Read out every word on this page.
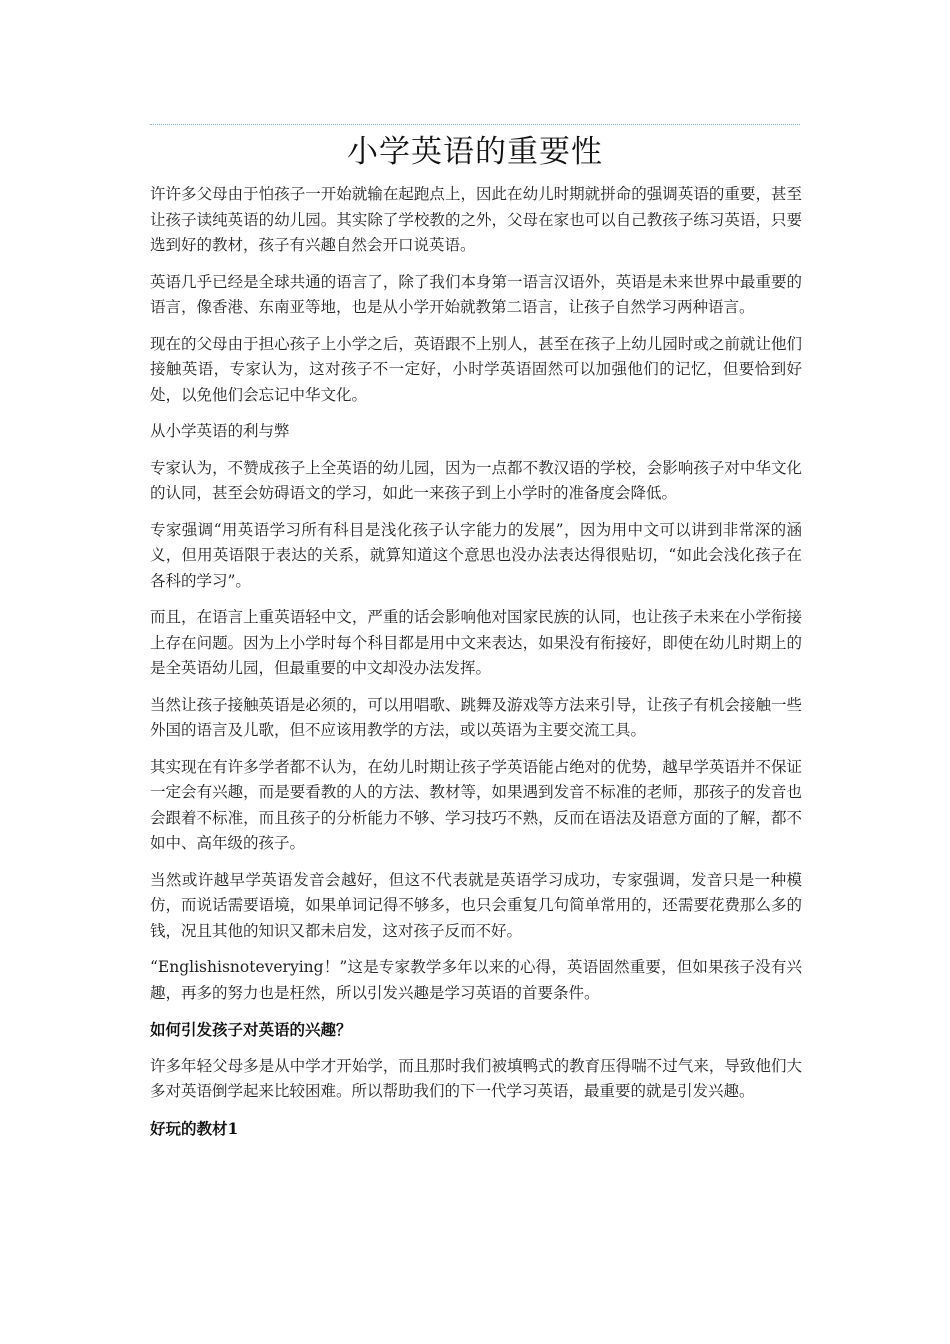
小学英语的重要性

许许多父母由于怕孩子一开始就输在起跑点上，因此在幼儿时期就拼命的强调英语的重要，甚至让孩子读纯英语的幼儿园。其实除了学校教的之外，父母在家也可以自己教孩子练习英语，只要选到好的教材，孩子有兴趣自然会开口说英语。

英语几乎已经是全球共通的语言了，除了我们本身第一语言汉语外，英语是未来世界中最重要的语言，像香港、东南亚等地，也是从小学开始就教第二语言，让孩子自然学习两种语言。

现在的父母由于担心孩子上小学之后，英语跟不上别人，甚至在孩子上幼儿园时或之前就让他们接触英语，专家认为，这对孩子不一定好，小时学英语固然可以加强他们的记忆，但要恰到好处，以免他们会忘记中华文化。

从小学英语的利与弊

专家认为，不赞成孩子上全英语的幼儿园，因为一点都不教汉语的学校，会影响孩子对中华文化的认同，甚至会妨碍语文的学习，如此一来孩子到上小学时的准备度会降低。

专家强调“用英语学习所有科目是浅化孩子认字能力的发展”，因为用中文可以讲到非常深的涵义，但用英语限于表达的关系，就算知道这个意思也没办法表达得很贴切，“如此会浅化孩子在各科的学习”。

而且，在语言上重英语轻中文，严重的话会影响他对国家民族的认同，也让孩子未来在小学衔接上存在问题。因为上小学时每个科目都是用中文来表达，如果没有衔接好，即使在幼儿时期上的是全英语幼儿园，但最重要的中文却没办法发挥。

当然让孩子接触英语是必须的，可以用唱歌、跳舞及游戏等方法来引导，让孩子有机会接触一些外国的语言及儿歌，但不应该用教学的方法，或以英语为主要交流工具。

其实现在有许多学者都不认为，在幼儿时期让孩子学英语能占绝对的优势，越早学英语并不保证一定会有兴趣，而是要看教的人的方法、教材等，如果遇到发音不标准的老师，那孩子的发音也会跟着不标准，而且孩子的分析能力不够、学习技巧不熟，反而在语法及语意方面的了解，都不如中、高年级的孩子。

当然或许越早学英语发音会越好，但这不代表就是英语学习成功，专家强调，发音只是一种模仿，而说话需要语境，如果单词记得不够多，也只会重复几句简单常用的，还需要花费那么多的钱，况且其他的知识又都未启发，这对孩子反而不好。

“Englishisnoteverying！”这是专家教学多年以来的心得，英语固然重要，但如果孩子没有兴趣，再多的努力也是枉然，所以引发兴趣是学习英语的首要条件。

如何引发孩子对英语的兴趣？

许多年轻父母多是从中学才开始学，而且那时我们被填鸭式的教育压得喘不过气来，导致他们大多对英语倒学起来比较困难。所以帮助我们的下一代学习英语，最重要的就是引发兴趣。

好玩的教材1
